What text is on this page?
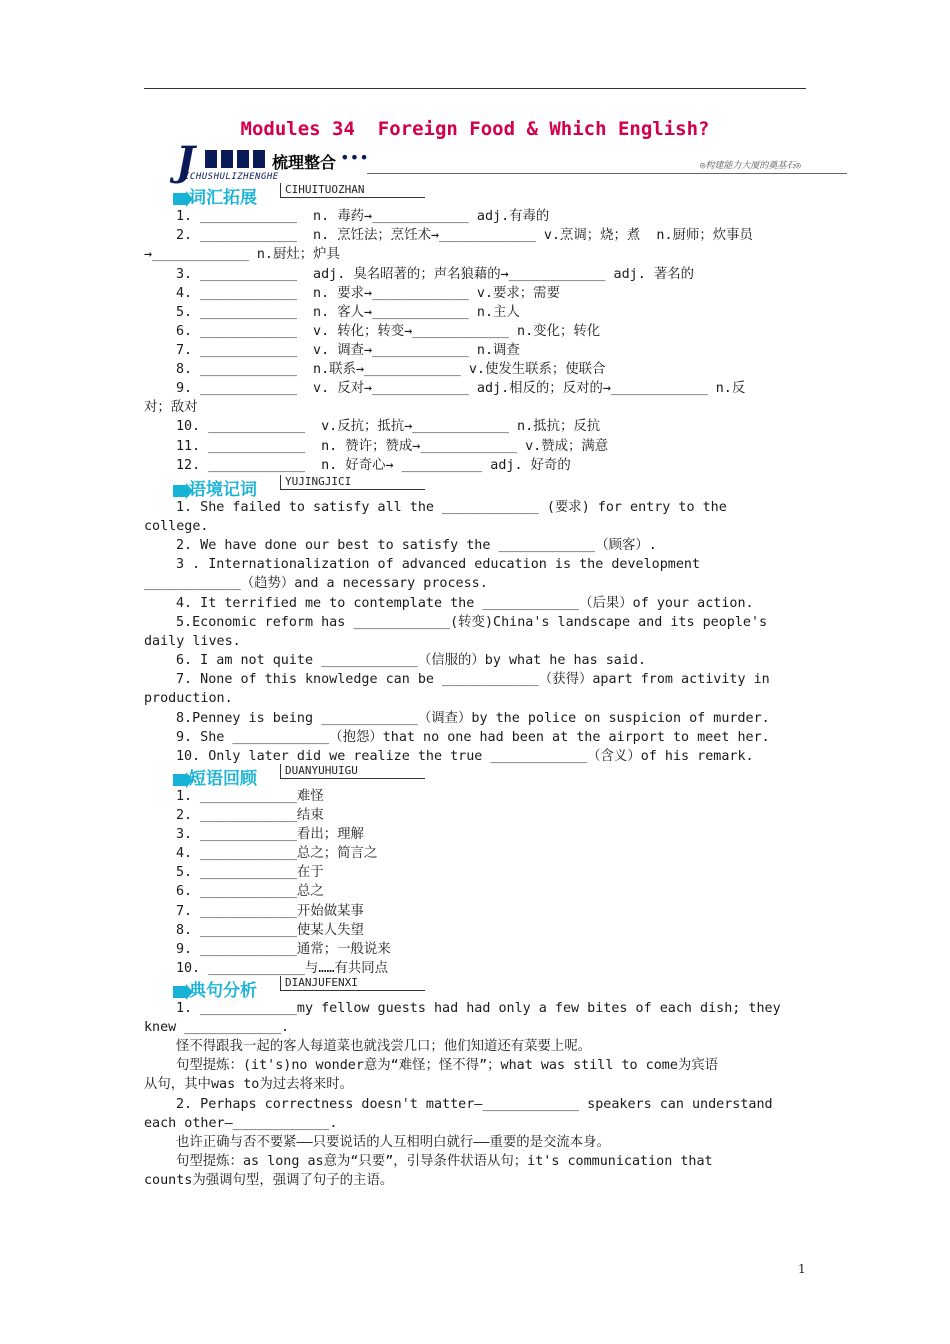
Modules 34  Foreign Food & Which English?
J
ICHUSHULIZHENGHE
梳理整合 •••	◎构建能力大厦的奠基石◎
词汇拓展	CIHUITUOZHAN
1. ____________  n. 毒药→____________ adj.有毒的
2. ____________  n. 烹饪法；烹饪术→____________ v.烹调；烧；煮  n.厨师；炊事员
→____________ n.厨灶；炉具
3. ____________  adj. 臭名昭著的；声名狼藉的→____________ adj. 著名的
4. ____________  n. 要求→____________ v.要求；需要
5. ____________  n. 客人→____________ n.主人
6. ____________  v. 转化；转变→____________ n.变化；转化
7. ____________  v. 调查→____________ n.调查
8. ____________  n.联系→____________ v.使发生联系；使联合
9. ____________  v. 反对→____________ adj.相反的；反对的→____________ n.反
对；敌对
10. ____________  v.反抗；抵抗→____________ n.抵抗；反抗
11. ____________  n. 赞许；赞成→____________ v.赞成；满意
12. ____________  n. 好奇心→ __________ adj. 好奇的
语境记词	YUJINGJICI
1. She failed to satisfy all the ____________ (要求) for entry to the
college.
2. We have done our best to satisfy the ____________（顾客）.
3 . Internationalization of advanced education is the development
____________（趋势）and a necessary process.
4. It terrified me to contemplate the ____________（后果）of your action.
5.Economic reform has ____________(转变)China's landscape and its people's
daily lives.
6. I am not quite ____________（信服的）by what he has said.
7. None of this knowledge can be ____________（获得）apart from activity in
production.
8.Penney is being ____________（调查）by the police on suspicion of murder.
9. She ____________（抱怨）that no one had been at the airport to meet her.
10. Only later did we realize the true ____________（含义）of his remark.
短语回顾	DUANYUHUIGU
1. ____________难怪
2. ____________结束
3. ____________看出；理解
4. ____________总之；简言之
5. ____________在于
6. ____________总之
7. ____________开始做某事
8. ____________使某人失望
9. ____________通常；一般说来
10. ____________与……有共同点
典句分析	DIANJUFENXI
1. ____________my fellow guests had had only a few bites of each dish; they
knew ____________.
怪不得跟我一起的客人每道菜也就浅尝几口；他们知道还有菜要上呢。
句型提炼：(it's)no wonder意为“难怪；怪不得”；what was still to come为宾语
从句，其中was to为过去将来时。
2. Perhaps correctness doesn't matter—____________ speakers can understand
each other—____________.
也许正确与否不要紧——只要说话的人互相明白就行——重要的是交流本身。
句型提炼：as long as意为“只要”，引导条件状语从句；it's communication that
counts为强调句型，强调了句子的主语。
1
